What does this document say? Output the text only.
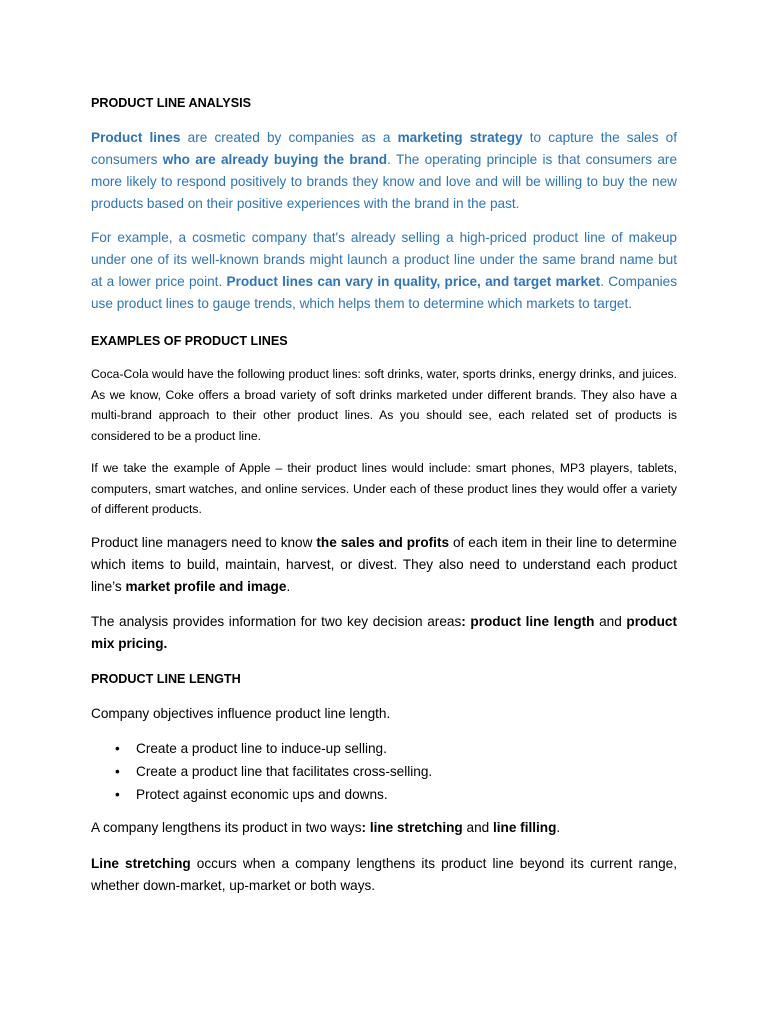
PRODUCT LINE ANALYSIS

Product lines are created by companies as a marketing strategy to capture the sales of consumers who are already buying the brand. The operating principle is that consumers are more likely to respond positively to brands they know and love and will be willing to buy the new products based on their positive experiences with the brand in the past.

For example, a cosmetic company that's already selling a high-priced product line of makeup under one of its well-known brands might launch a product line under the same brand name but at a lower price point. Product lines can vary in quality, price, and target market. Companies use product lines to gauge trends, which helps them to determine which markets to target.

EXAMPLES OF PRODUCT LINES

Coca-Cola would have the following product lines: soft drinks, water, sports drinks, energy drinks, and juices. As we know, Coke offers a broad variety of soft drinks marketed under different brands. They also have a multi-brand approach to their other product lines. As you should see, each related set of products is considered to be a product line.

If we take the example of Apple – their product lines would include: smart phones, MP3 players, tablets, computers, smart watches, and online services. Under each of these product lines they would offer a variety of different products.

Product line managers need to know the sales and profits of each item in their line to determine which items to build, maintain, harvest, or divest. They also need to understand each product line’s market profile and image.

The analysis provides information for two key decision areas: product line length and product mix pricing.

PRODUCT LINE LENGTH

Company objectives influence product line length.

• Create a product line to induce-up selling.
• Create a product line that facilitates cross-selling.
• Protect against economic ups and downs.

A company lengthens its product in two ways: line stretching and line filling.

Line stretching occurs when a company lengthens its product line beyond its current range, whether down-market, up-market or both ways.
